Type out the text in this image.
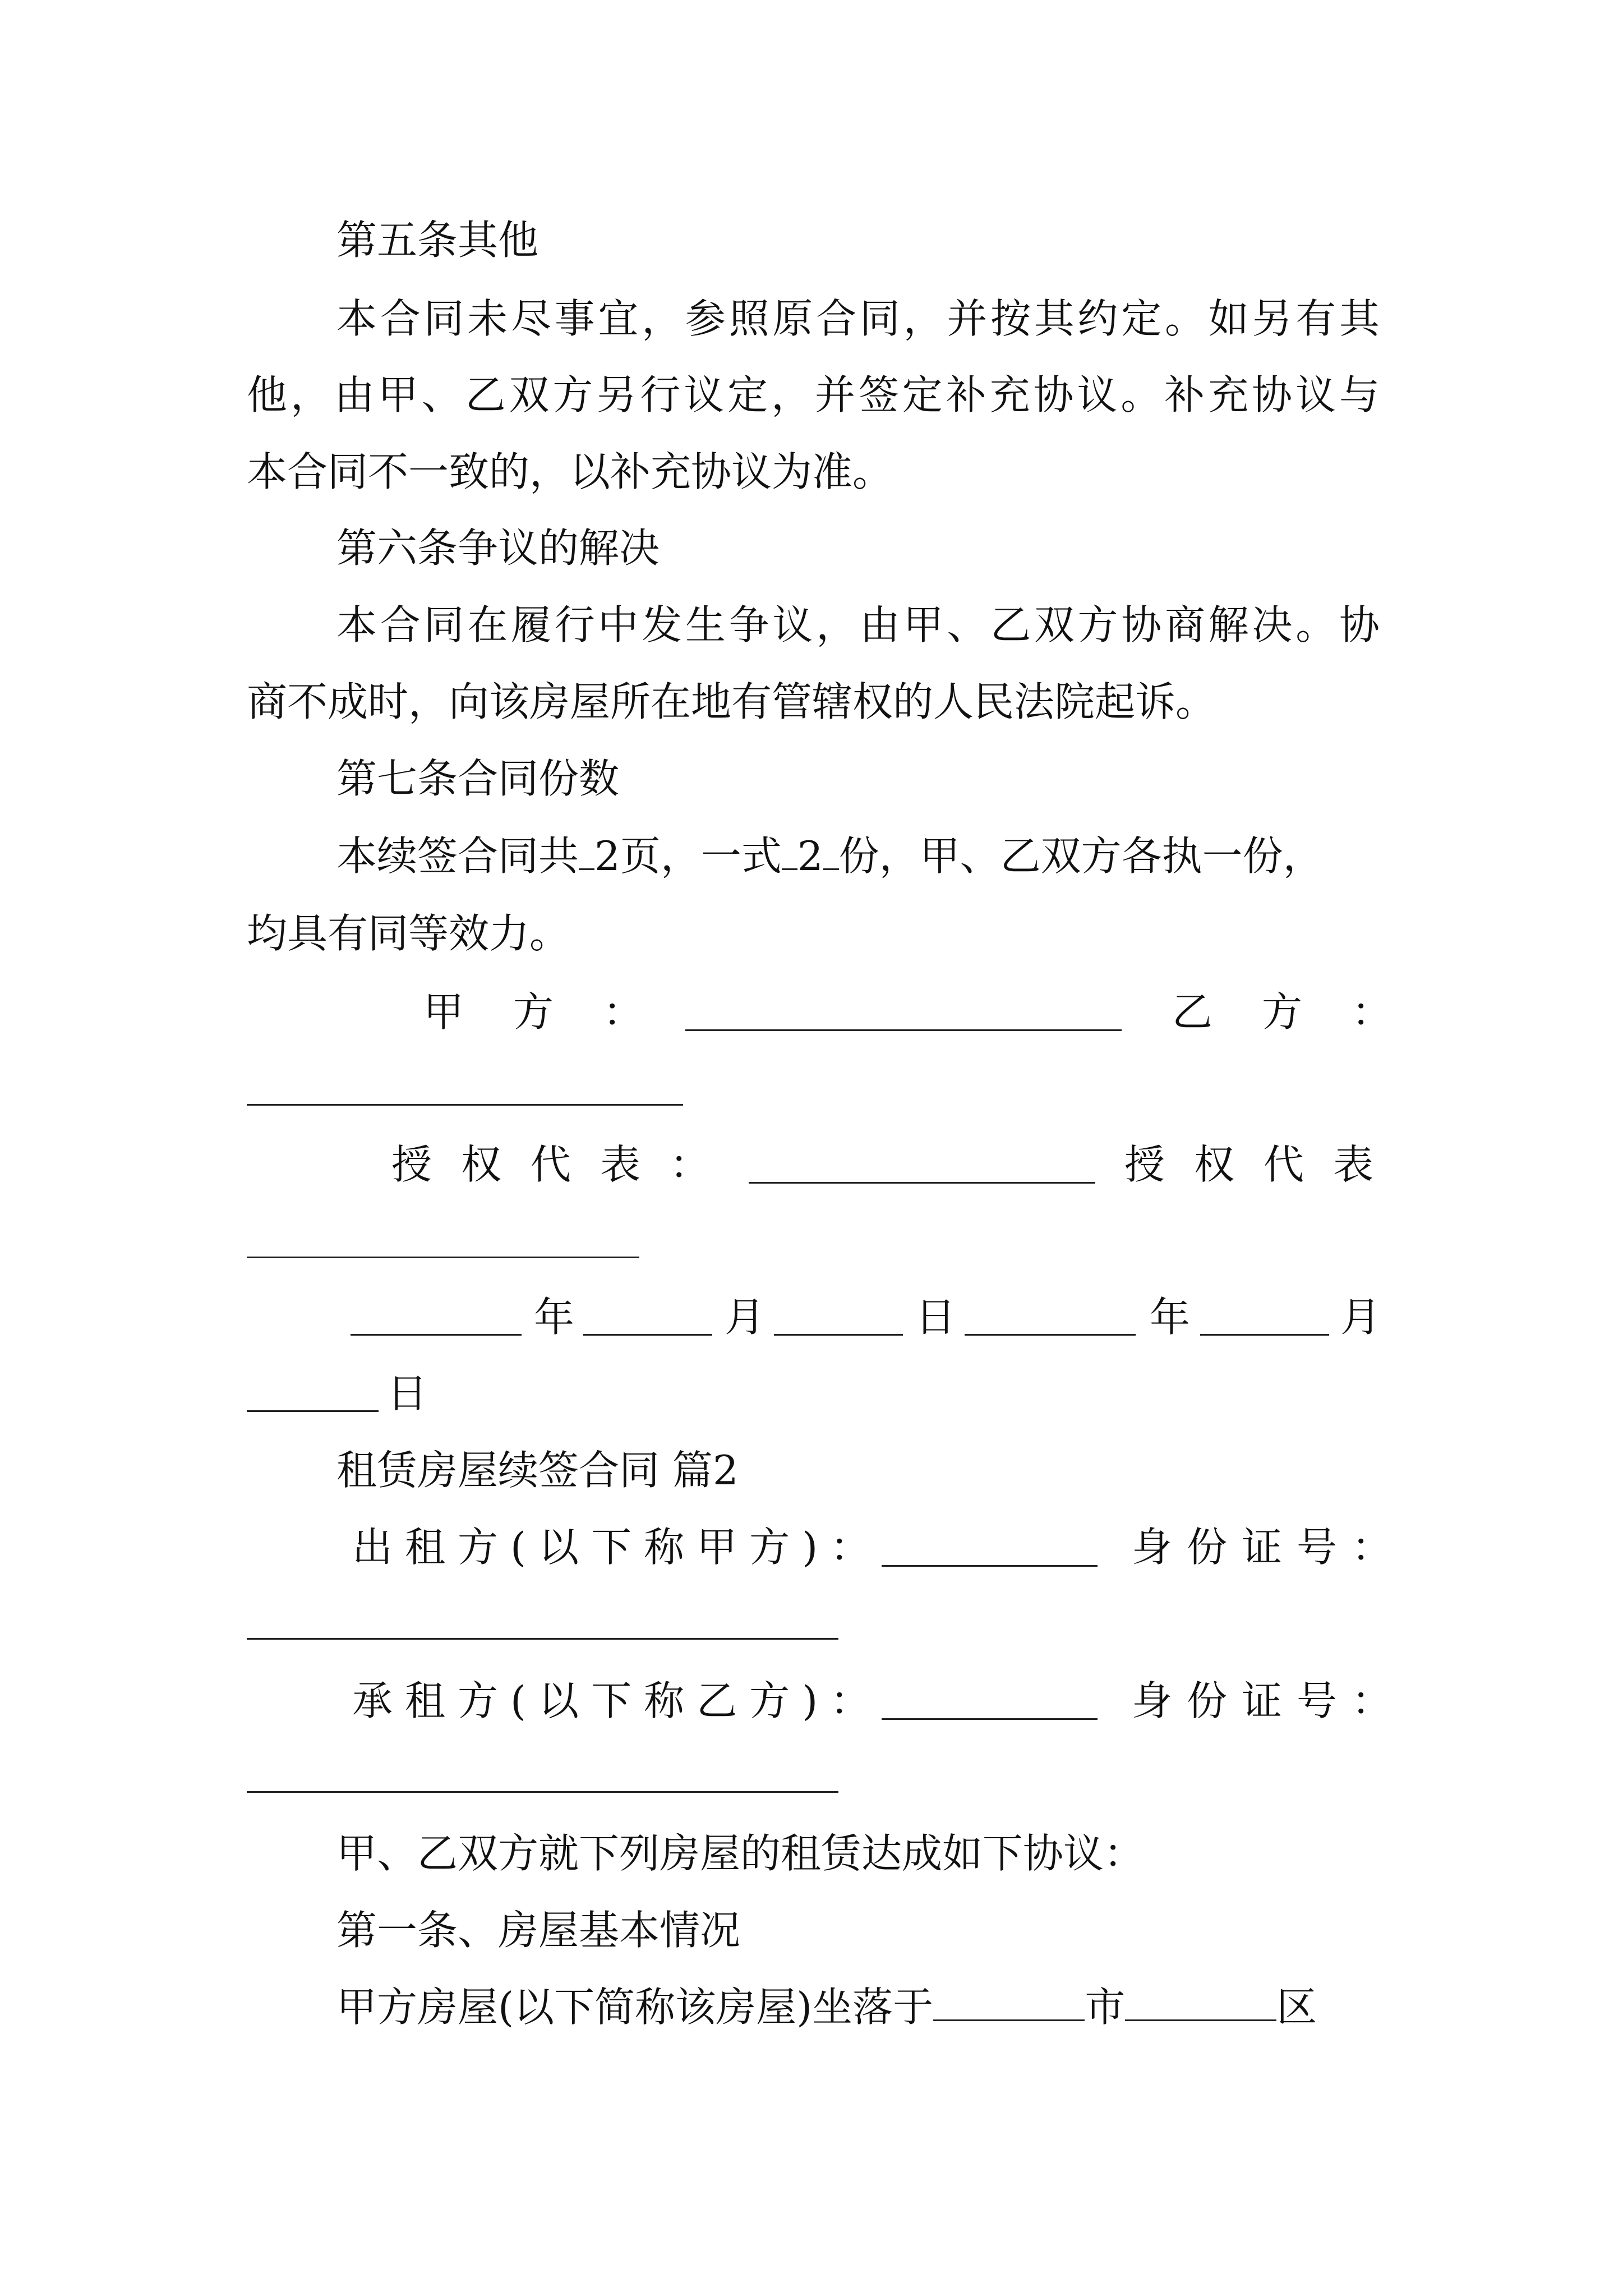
第五条其他
本合同未尽事宜，参照原合同，并按其约定。如另有其
他，由甲、乙双方另行议定，并签定补充协议。补充协议与
本合同不一致的，以补充协议为准。
第六条争议的解决
本合同在履行中发生争议，由甲、乙双方协商解决。协
商不成时，向该房屋所在地有管辖权的人民法院起诉。
第七条合同份数
本续签合同共 2页，一式 2 份，甲、乙双方各执一份，
均具有同等效力。
甲方：	乙方：
授权代表：	授权代表
年	月	日	年	月
日
租赁房屋续签合同 篇2
出租方(以下称甲方)：	身份证号：
承租方(以下称乙方)：	身份证号：
甲、乙双方就下列房屋的租赁达成如下协议：
第一条、房屋基本情况
甲方房屋(以下简称该房屋)坐落于	市	区
